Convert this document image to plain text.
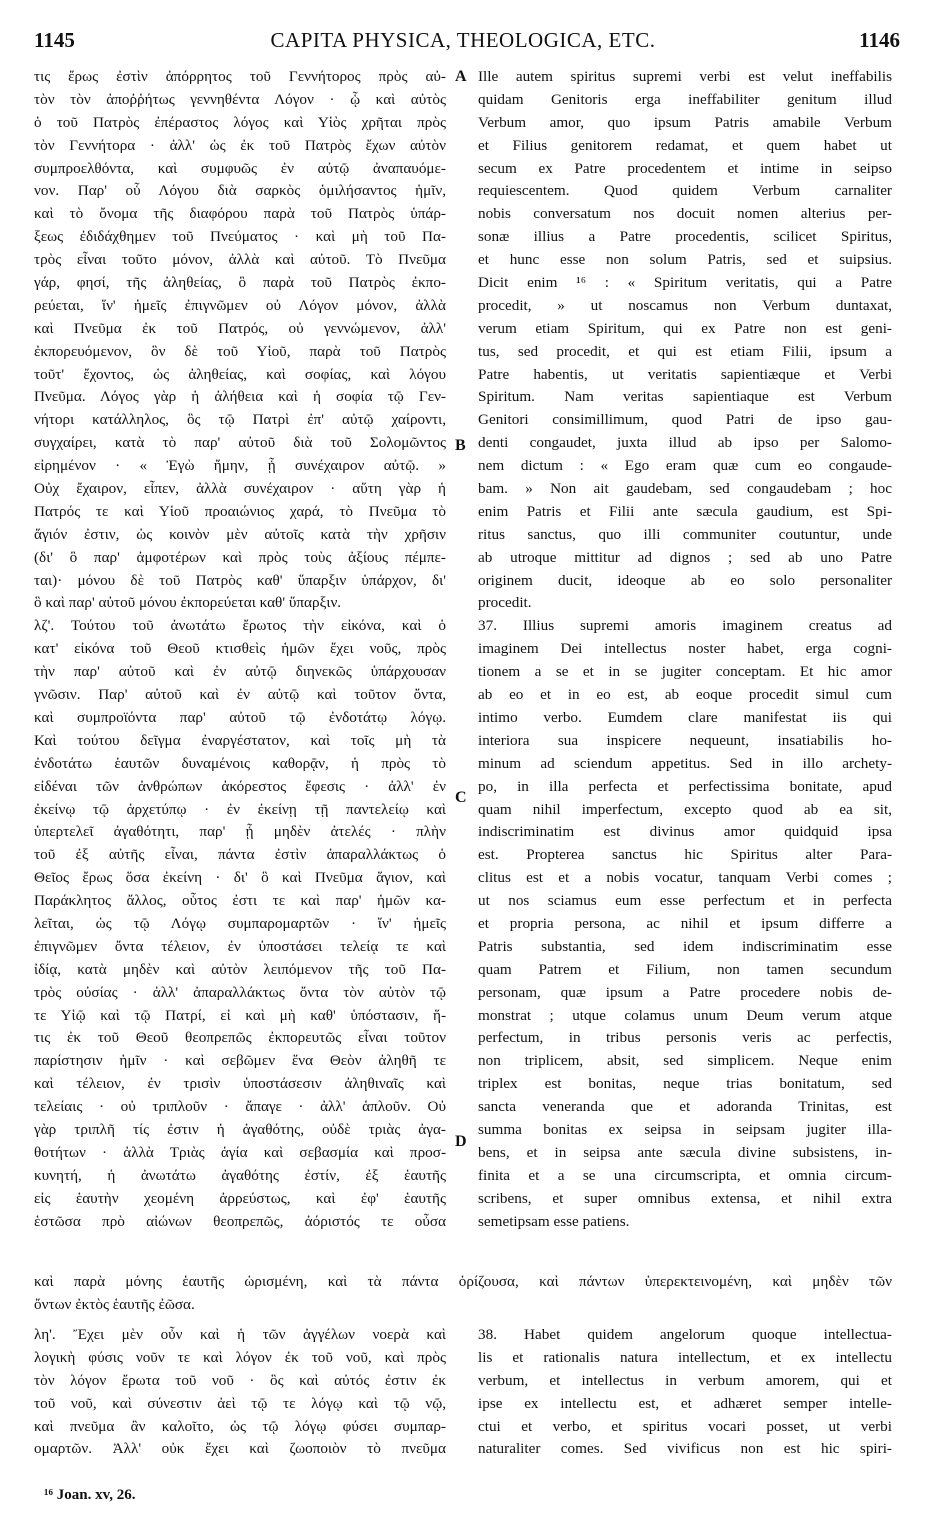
1145	CAPITA PHYSICA, THEOLOGICA, ETC.	1146
τις ἔρως ἐστὶν ἀπόρρητος τοῦ Γεννήτορος πρὸς αὐ-
τὸν τὸν ἀποῤῥήτως γεννηθέντα Λόγον · ᾧ καὶ αὐτὸς
ὁ τοῦ Πατρὸς ἐπέραστος λόγος καὶ Υἱὸς χρῆται πρὸς
τὸν Γεννήτορα · ἀλλ' ὡς ἐκ τοῦ Πατρὸς ἔχων αὐτὸν
συμπροελθόντα, καὶ συμφυῶς ἐν αὐτῷ ἀναπαυόμε-
νον. Παρ' οὗ Λόγου διὰ σαρκὸς ὁμιλήσαντος ἡμῖν,
καὶ τὸ ὄνομα τῆς διαφόρου παρὰ τοῦ Πατρὸς ὑπάρ-
ξεως ἐδιδάχθημεν τοῦ Πνεύματος · καὶ μὴ τοῦ Πα-
τρὸς εἶναι τοῦτο μόνον, ἀλλὰ καὶ αὐτοῦ. Τὸ Πνεῦμα
γάρ, φησί, τῆς ἀληθείας, ὃ παρὰ τοῦ Πατρὸς ἐκπο-
ρεύεται, ἵν' ἡμεῖς ἐπιγνῶμεν οὐ Λόγον μόνον, ἀλλὰ
καὶ Πνεῦμα ἐκ τοῦ Πατρός, οὐ γεννώμενον, ἀλλ'
ἐκπορευόμενον, ὃν δὲ τοῦ Υἱοῦ, παρὰ τοῦ Πατρὸς
τοῦτ' ἔχοντος, ὡς ἀληθείας, καὶ σοφίας, καὶ λόγου
Πνεῦμα. Λόγος γὰρ ἡ ἀλήθεια καὶ ἡ σοφία τῷ Γεν-
νήτορι κατάλληλος, ὃς τῷ Πατρὶ ἐπ' αὐτῷ χαίροντι,
συγχαίρει, κατὰ τὸ παρ' αὐτοῦ διὰ τοῦ Σολομῶντος
εἰρημένον · « Ἐγὼ ἤμην, ᾗ συνέχαιρον αὐτῷ. »
Οὐχ ἔχαιρον, εἶπεν, ἀλλὰ συνέχαιρον · αὕτη γὰρ ἡ
Πατρός τε καὶ Υἱοῦ προαιώνιος χαρά, τὸ Πνεῦμα τὸ
ἅγιόν ἐστιν, ὡς κοινὸν μὲν αὐτοῖς κατὰ τὴν χρῆσιν
(δι' ὃ παρ' ἀμφοτέρων καὶ πρὸς τοὺς ἀξίους πέμπε-
ται)· μόνου δὲ τοῦ Πατρὸς καθ' ὕπαρξιν ὑπάρχον, δι'
ὃ καὶ παρ' αὐτοῦ μόνου ἐκπορεύεται καθ' ὕπαρξιν.
λζ'. Τούτου τοῦ ἀνωτάτω ἔρωτος τὴν εἰκόνα, καὶ ὁ
κατ' εἰκόνα τοῦ Θεοῦ κτισθεὶς ἡμῶν ἔχει νοῦς, πρὸς
τὴν παρ' αὐτοῦ καὶ ἐν αὐτῷ διηνεκῶς ὑπάρχουσαν
γνῶσιν. Παρ' αὐτοῦ καὶ ἐν αὐτῷ καὶ τοῦτον ὄντα,
καὶ συμπροϊόντα παρ' αὐτοῦ τῷ ἐνδοτάτῳ λόγῳ.
Καὶ τούτου δεῖγμα ἐναργέστατον, καὶ τοῖς μὴ τὰ
ἐνδοτάτω ἑαυτῶν δυναμένοις καθορᾷν, ἡ πρὸς τὸ
εἰδέναι τῶν ἀνθρώπων ἀκόρεστος ἔφεσις · ἀλλ' ἐν
ἐκείνῳ τῷ ἀρχετύπῳ · ἐν ἐκείνῃ τῇ παντελείῳ καὶ
ὑπερτελεῖ ἀγαθότητι, παρ' ᾗ μηδὲν ἀτελές · πλὴν
τοῦ ἐξ αὐτῆς εἶναι, πάντα ἐστὶν ἀπαραλλάκτως ὁ
Θεῖος ἔρως ὅσα ἐκείνη · δι' ὃ καὶ Πνεῦμα ἅγιον, καὶ
Παράκλητος ἄλλος, οὗτος ἐστι τε καὶ παρ' ἡμῶν κα-
λεῖται, ὡς τῷ Λόγῳ συμπαρομαρτῶν · ἵν' ἡμεῖς
ἐπιγνῶμεν ὄντα τέλειον, ἐν ὑποστάσει τελείᾳ τε καὶ
ἰδίᾳ, κατὰ μηδὲν καὶ αὐτὸν λειπόμενον τῆς τοῦ Πα-
τρὸς οὐσίας · ἀλλ' ἀπαραλλάκτως ὄντα τὸν αὐτὸν τῷ
τε Υἱῷ καὶ τῷ Πατρί, εἰ καὶ μὴ καθ' ὑπόστασιν, ἥ-
τις ἐκ τοῦ Θεοῦ θεοπρεπῶς ἐκπορευτῶς εἶναι τοῦτον
παρίστησιν ἡμῖν · καὶ σεβῶμεν ἕνα Θεὸν ἀληθῆ τε
καὶ τέλειον, ἐν τρισὶν ὑποστάσεσιν ἀληθιναῖς καὶ
τελείαις · οὐ τριπλοῦν · ἄπαγε · ἀλλ' ἁπλοῦν. Οὐ
γὰρ τριπλῆ τίς ἐστιν ἡ ἀγαθότης, οὐδὲ τριὰς ἀγα-
θοτήτων · ἀλλὰ Τριὰς ἁγία καὶ σεβασμία καὶ προσ-
κυνητή, ἡ ἀνωτάτω ἀγαθότης ἐστίν, ἐξ ἑαυτῆς
εἰς ἑαυτὴν χεομένη ἀρρεύστως, καὶ ἐφ' ἑαυτῆς
ἑστῶσα πρὸ αἰώνων θεοπρεπῶς, ἀόριστός τε οὖσα
Ille autem spiritus supremi verbi est velut ineffabilis
quidam Genitoris erga ineffabiliter genitum illud
Verbum amor, quo ipsum Patris amabile Verbum
et Filius genitorem redamat, et quem habet ut
secum ex Patre procedentem et intime in seipso
requiescentem. Quod quidem Verbum carnaliter
nobis conversatum nos docuit nomen alterius per-
sonæ illius a Patre procedentis, scilicet Spiritus,
et hunc esse non solum Patris, sed et suipsius.
Dicit enim ¹⁶ : « Spiritum veritatis, qui a Patre
procedit, » ut noscamus non Verbum duntaxat,
verum etiam Spiritum, qui ex Patre non est geni-
tus, sed procedit, et qui est etiam Filii, ipsum a
Patre habentis, ut veritatis sapientiæque et Verbi
Spiritum. Nam veritas sapientiaque est Verbum
Genitori consimillimum, quod Patri de ipso gau-
denti congaudet, juxta illud ab ipso per Salomo-
nem dictum : « Ego eram quæ cum eo congaude-
bam. » Non ait gaudebam, sed congaudebam ; hoc
enim Patris et Filii ante sæcula gaudium, est Spi-
ritus sanctus, quo illi communiter coutuntur, unde
ab utroque mittitur ad dignos ; sed ab uno Patre
originem ducit, ideoque ab eo solo personaliter
procedit.
37. Illius supremi amoris imaginem creatus ad
imaginem Dei intellectus noster habet, erga cogni-
tionem a se et in se jugiter conceptam. Et hic amor
ab eo et in eo est, ab eoque procedit simul cum
intimo verbo. Eumdem clare manifestat iis qui
interiora sua inspicere nequeunt, insatiabilis ho-
minum ad sciendum appetitus. Sed in illo archety-
po, in illa perfecta et perfectissima bonitate, apud
quam nihil imperfectum, excepto quod ab ea sit,
indiscriminatim est divinus amor quidquid ipsa
est. Propterea sanctus hic Spiritus alter Para-
clitus est et a nobis vocatur, tanquam Verbi comes ;
ut nos sciamus eum esse perfectum et in perfecta
et propria persona, ac nihil et ipsum differre a
Patris substantia, sed idem indiscriminatim esse
quam Patrem et Filium, non tamen secundum
personam, quæ ipsum a Patre procedere nobis de-
monstrat ; utque colamus unum Deum verum atque
perfectum, in tribus personis veris ac perfectis,
non triplicem, absit, sed simplicem. Neque enim
triplex est bonitas, neque trias bonitatum, sed
sancta veneranda que et adoranda Trinitas, est
summa bonitas ex seipsa in seipsam jugiter illa-
bens, et in seipsa ante sæcula divine subsistens, in-
finita et a se una circumscripta, et omnia circum-
scribens, et super omnibus extensa, et nihil extra
semetipsam esse patiens.
καὶ παρὰ μόνης ἑαυτῆς ὡρισμένη, καὶ τὰ πάντα ὁρίζουσα, καὶ πάντων ὑπερεκτεινομένη, καὶ μηδὲν τῶν
ὄντων ἐκτὸς ἑαυτῆς ἐῶσα.
λη'. Ἔχει μὲν οὖν καὶ ἡ τῶν ἀγγέλων νοερὰ καὶ
λογικὴ φύσις νοῦν τε καὶ λόγον ἐκ τοῦ νοῦ, καὶ πρὸς
τὸν λόγον ἔρωτα τοῦ νοῦ · ὃς καὶ αὐτός ἐστιν ἐκ
τοῦ νοῦ, καὶ σύνεστιν ἀεὶ τῷ τε λόγῳ καὶ τῷ νῷ,
καὶ πνεῦμα ἂν καλοῖτο, ὡς τῷ λόγῳ φύσει συμπαρ-
ομαρτῶν. Ἀλλ' οὐκ ἔχει καὶ ζωοποιὸν τὸ πνεῦμα
38. Habet quidem angelorum quoque intellectua-
lis et rationalis natura intellectum, et ex intellectu
verbum, et intellectus in verbum amorem, qui et
ipse ex intellectu est, et adhæret semper intelle-
ctui et verbo, et spiritus vocari posset, ut verbi
naturaliter comes. Sed vivificus non est hic spiri-
A
B
C
D
¹⁶ Joan. xv, 26.
